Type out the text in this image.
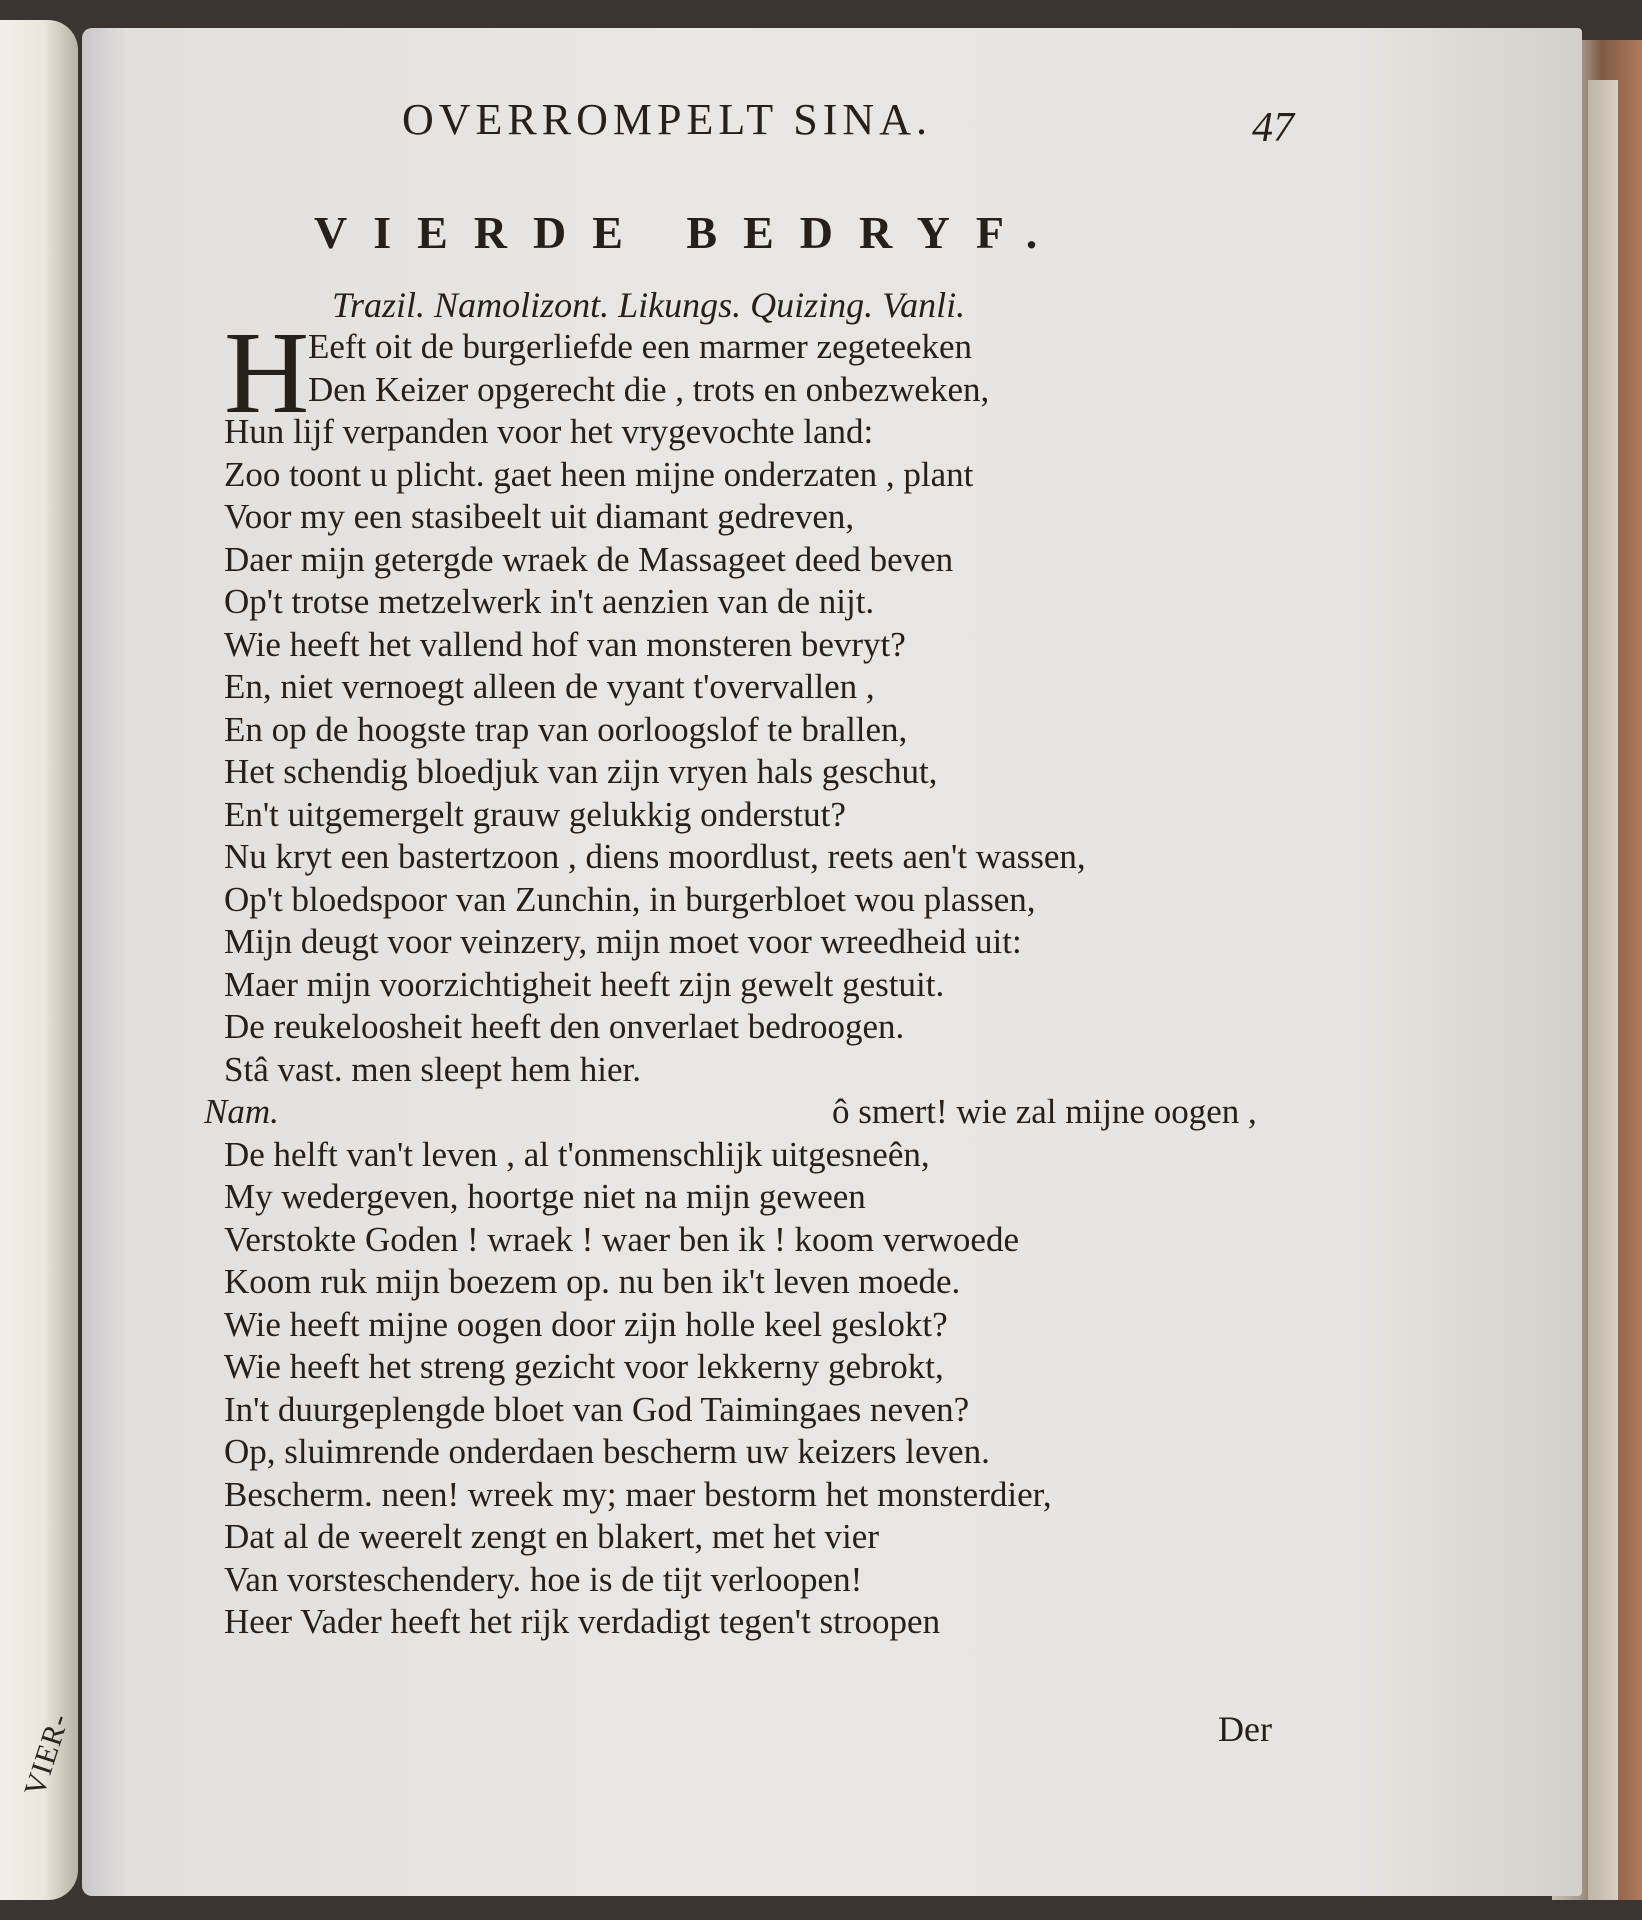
VIER-
OVERROMPELT SINA.	47
VIERDE BEDRYF.
Trazil. Namolizont. Likungs. Quizing. Vanli.
H
Eeft oit de burgerliefde een marmer zegeteeken
Den Keizer opgerecht die , trots en onbezweken,
Hun lijf verpanden voor het vrygevochte land:
Zoo toont u plicht. gaet heen mijne onderzaten , plant
Voor my een stasibeelt uit diamant gedreven,
Daer mijn getergde wraek de Massageet deed beven
Op't trotse metzelwerk in't aenzien van de nijt.
Wie heeft het vallend hof van monsteren bevryt?
En, niet vernoegt alleen de vyant t'overvallen ,
En op de hoogste trap van oorloogslof te brallen,
Het schendig bloedjuk van zijn vryen hals geschut,
En't uitgemergelt grauw gelukkig onderstut?
Nu kryt een bastertzoon , diens moordlust, reets aen't wassen,
Op't bloedspoor van Zunchin, in burgerbloet wou plassen,
Mijn deugt voor veinzery, mijn moet voor wreedheid uit:
Maer mijn voorzichtigheit heeft zijn gewelt gestuit.
De reukeloosheit heeft den onverlaet bedroogen.
Stâ vast. men sleept hem hier.
Nam.	ô smert! wie zal mijne oogen ,
De helft van't leven , al t'onmenschlijk uitgesneên,
My wedergeven, hoortge niet na mijn geween
Verstokte Goden ! wraek ! waer ben ik ! koom verwoede
Koom ruk mijn boezem op. nu ben ik't leven moede.
Wie heeft mijne oogen door zijn holle keel geslokt?
Wie heeft het streng gezicht voor lekkerny gebrokt,
In't duurgeplengde bloet van God Taimingaes neven?
Op, sluimrende onderdaen bescherm uw keizers leven.
Bescherm. neen! wreek my; maer bestorm het monsterdier,
Dat al de weerelt zengt en blakert, met het vier
Van vorsteschendery. hoe is de tijt verloopen!
Heer Vader heeft het rijk verdadigt tegen't stroopen
Der
